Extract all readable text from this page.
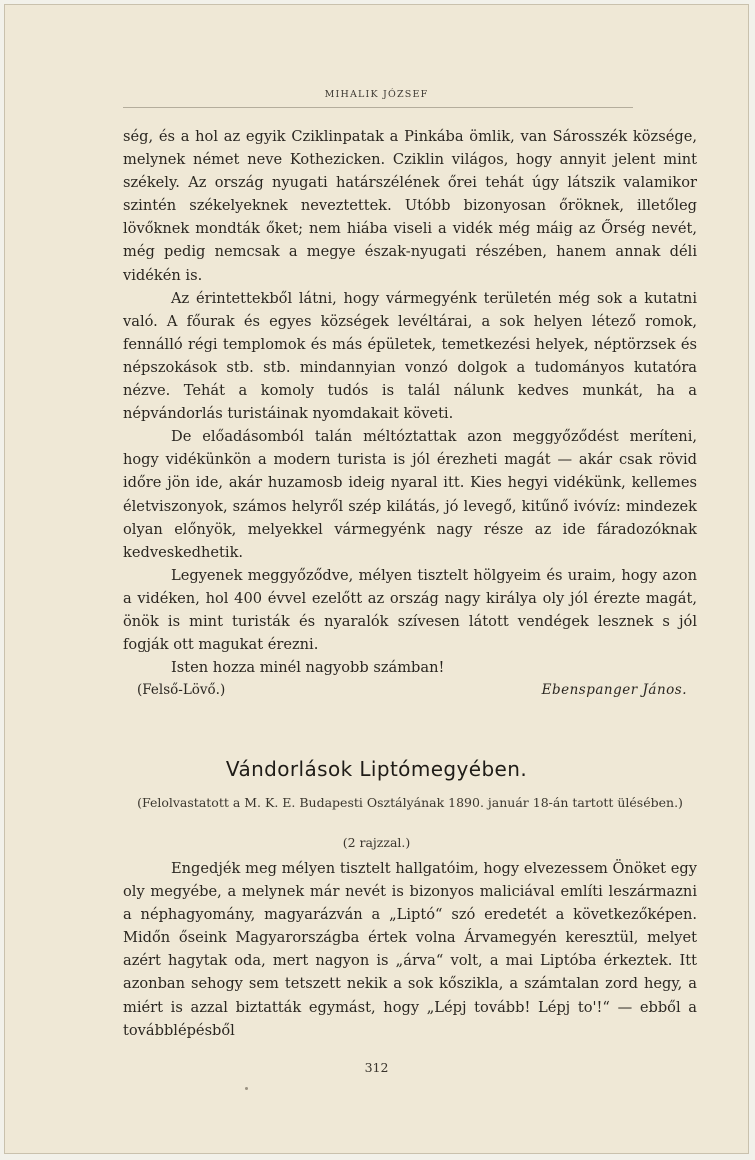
MIHALIK JÓZSEF

ség, és a hol az egyik Cziklinpatak a Pinkába ömlik, van Sárosszék községe, melynek német neve Kothezicken. Cziklin világos, hogy annyit jelent mint székely. Az ország nyugati határszélének őrei tehát úgy látszik valamikor szintén székelyeknek neveztettek. Utóbb bizonyosan őröknek, illetőleg lövőknek mondták őket; nem hiába viseli a vidék még máig az Őrség nevét, még pedig nemcsak a megye észak-nyugati részében, hanem annak déli vidékén is.

Az érintettekből látni, hogy vármegyénk területén még sok a kutatni való. A főurak és egyes községek levéltárai, a sok helyen létező romok, fennálló régi templomok és más épületek, temetkezési helyek, néptörzsek és népszokások stb. stb. mindannyian vonzó dolgok a tudományos kutatóra nézve. Tehát a komoly tudós is talál nálunk kedves munkát, ha a népvándorlás turistáinak nyomdakait követi.

De előadásomból talán méltóztattak azon meggyőződést meríteni, hogy vidékünkön a modern turista is jól érezheti magát — akár csak rövid időre jön ide, akár huzamosb ideig nyaral itt. Kies hegyi vidékünk, kellemes életviszonyok, számos helyről szép kilátás, jó levegő, kitűnő ivóvíz: mindezek olyan előnyök, melyekkel vármegyénk nagy része az ide fáradozóknak kedveskedhetik.

Legyenek meggyőződve, mélyen tisztelt hölgyeim és uraim, hogy azon a vidéken, hol 400 évvel ezelőtt az ország nagy királya oly jól érezte magát, önök is mint turisták és nyaralók szívesen látott vendégek lesznek s jól fogják ott magukat érezni.

Isten hozza minél nagyobb számban!

(Felső-Lövő.)	Ebenspanger János.
Vándorlások Liptómegyében.
(Felolvastatott a M. K. E. Budapesti Osztályának 1890. január 18-án tartott ülésében.)
(2 rajzzal.)

Engedjék meg mélyen tisztelt hallgatóim, hogy elvezessem Önöket egy oly megyébe, a melynek már nevét is bizonyos maliciával említi leszármazni a néphagyomány, magyarázván a „Liptó“ szó eredetét a következőképen. Midőn őseink Magyarországba értek volna Árvamegyén keresztül, melyet azért hagytak oda, mert nagyon is „árva“ volt, a mai Liptóba érkeztek. Itt azonban sehogy sem tetszett nekik a sok kőszikla, a számtalan zord hegy, a miért is azzal biztatták egymást, hogy „Lépj tovább! Lépj to'!“ — ebből a továbblépésből

312
